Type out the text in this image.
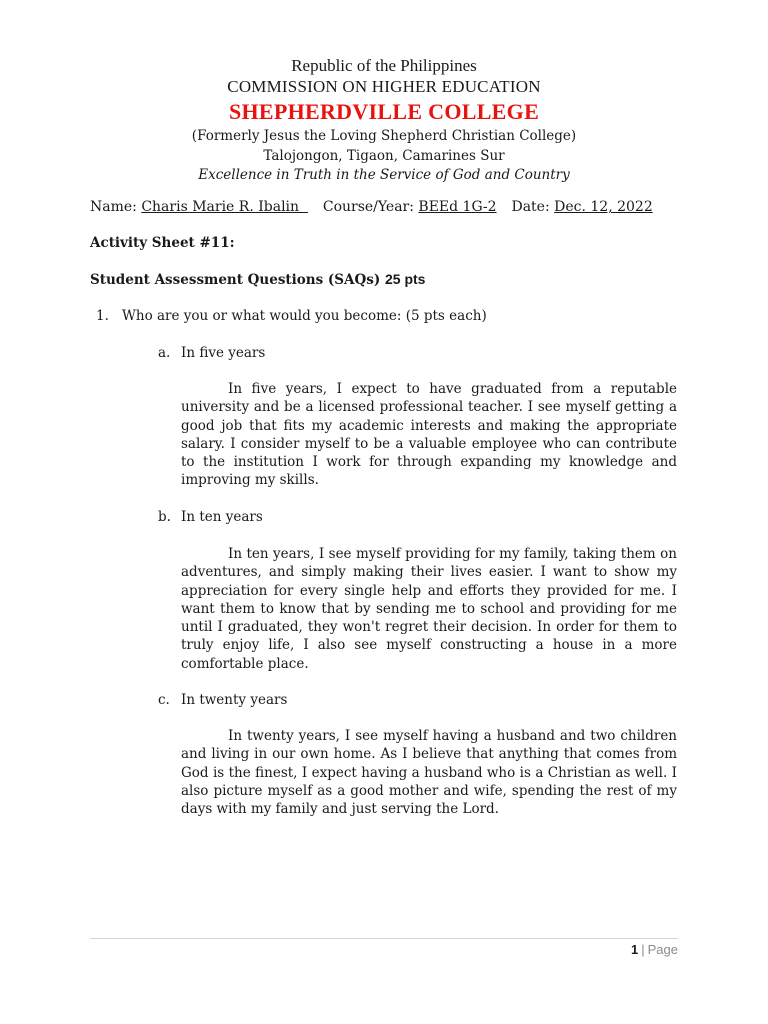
Republic of the Philippines
COMMISSION ON HIGHER EDUCATION
SHEPHERDVILLE COLLEGE
(Formerly Jesus the Loving Shepherd Christian College)
Talojongon, Tigaon, Camarines Sur
Excellence in Truth in the Service of God and Country
Name: Charis Marie R. Ibalin Course/Year: BEEd 1G-2 Date: Dec. 12, 2022
Activity Sheet #11:
Student Assessment Questions (SAQs) 25 pts
1. Who are you or what would you become: (5 pts each)
a. In five years

In five years, I expect to have graduated from a reputable university and be a licensed professional teacher. I see myself getting a good job that fits my academic interests and making the appropriate salary. I consider myself to be a valuable employee who can contribute to the institution I work for through expanding my knowledge and improving my skills.

b. In ten years

In ten years, I see myself providing for my family, taking them on adventures, and simply making their lives easier. I want to show my appreciation for every single help and efforts they provided for me. I want them to know that by sending me to school and providing for me until I graduated, they won't regret their decision. In order for them to truly enjoy life, I also see myself constructing a house in a more comfortable place.

c. In twenty years

In twenty years, I see myself having a husband and two children and living in our own home. As I believe that anything that comes from God is the finest, I expect having a husband who is a Christian as well. I also picture myself as a good mother and wife, spending the rest of my days with my family and just serving the Lord.

1 | Page
